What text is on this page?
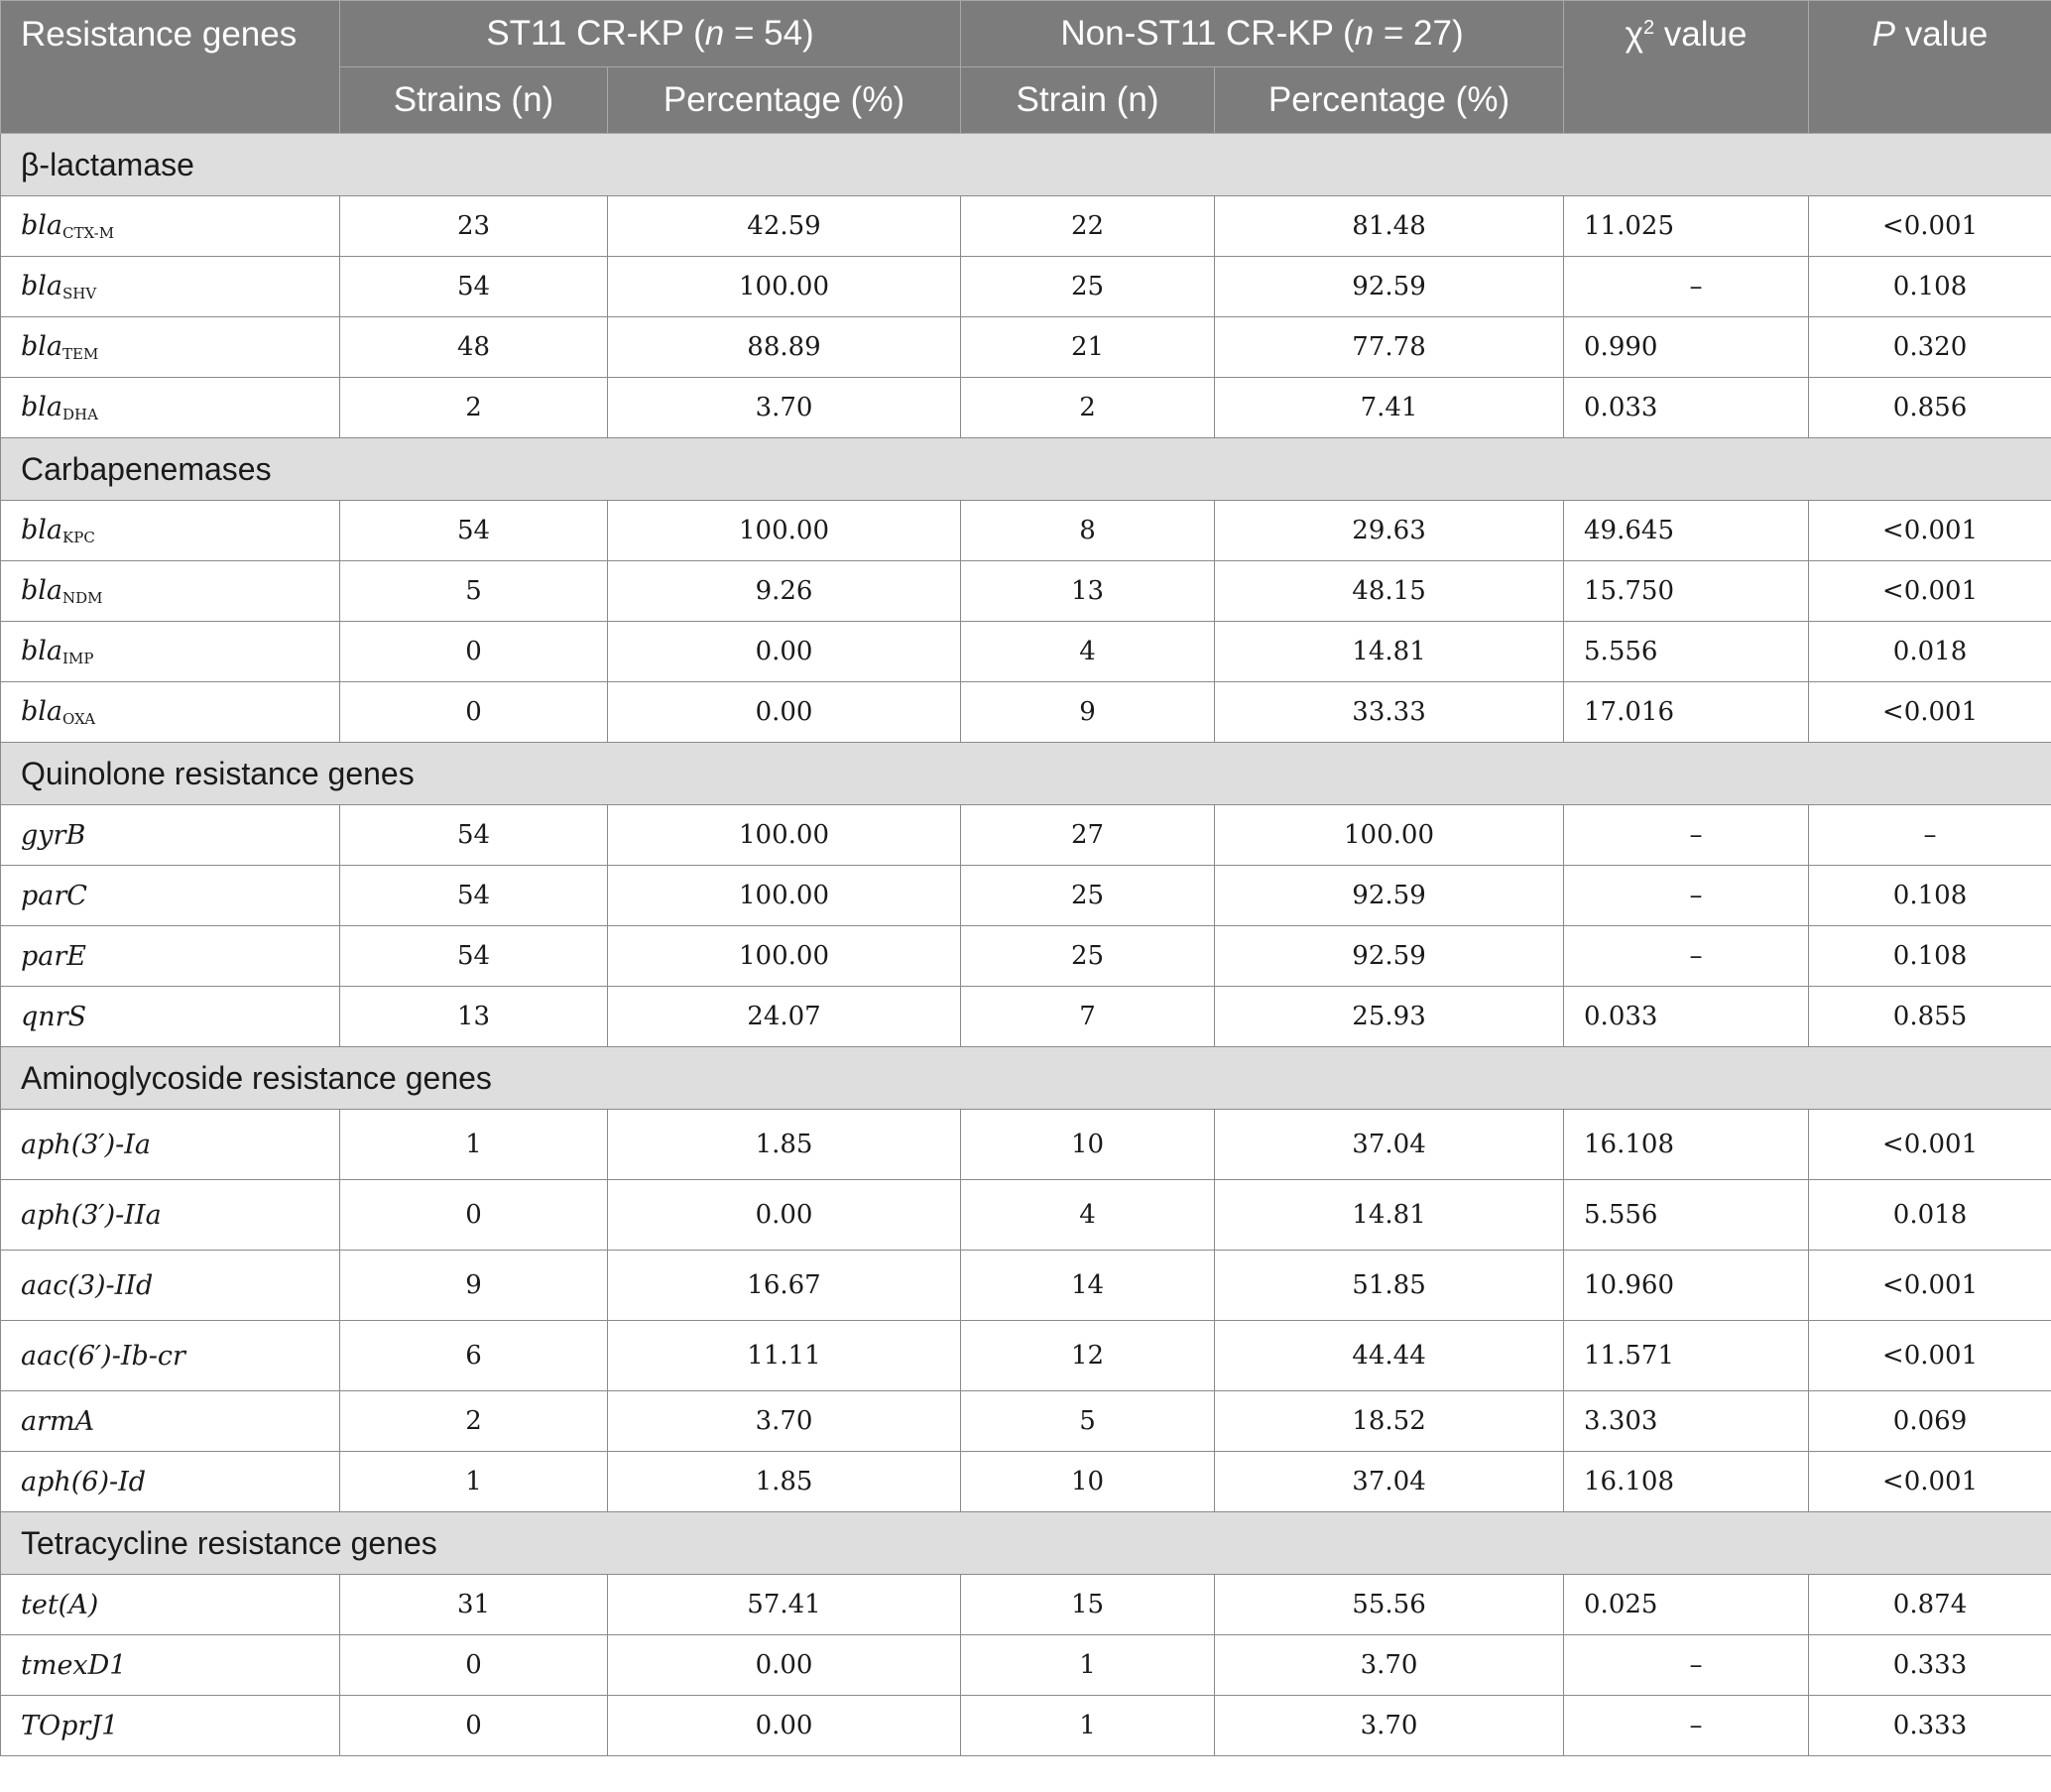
Resistance genes	ST11 CR-KP (n = 54)		Non-ST11 CR-KP (n = 27)		$\chi^2$ value	P value
	Strains (n)	Percentage (%)	Strain (n)	Percentage (%)		
β-lactamase						
bla$_{CTX-M}$	23	42.59	22	81.48	11.025	<0.001
bla$_{SHV}$	54	100.00	25	92.59	–	0.108
bla$_{TEM}$	48	88.89	21	77.78	0.990	0.320
bla$_{DHA}$	2	3.70	2	7.41	0.033	0.856
Carbapenemases						
bla$_{KPC}$	54	100.00	8	29.63	49.645	<0.001
bla$_{NDM}$	5	9.26	13	48.15	15.750	<0.001
bla$_{IMP}$	0	0.00	4	14.81	5.556	0.018
bla$_{OXA}$	0	0.00	9	33.33	17.016	<0.001
Quinolone resistance genes						
gyrB	54	100.00	27	100.00	–	–
parC	54	100.00	25	92.59	–	0.108
parE	54	100.00	25	92.59	–	0.108
qnrS	13	24.07	7	25.93	0.033	0.855
Aminoglycoside resistance genes						
aph(3′)-Ia	1	1.85	10	37.04	16.108	<0.001
aph(3′)-IIa	0	0.00	4	14.81	5.556	0.018
aac(3)-IId	9	16.67	14	51.85	10.960	<0.001
aac(6′)-Ib-cr	6	11.11	12	44.44	11.571	<0.001
armA	2	3.70	5	18.52	3.303	0.069
aph(6)-Id	1	1.85	10	37.04	16.108	<0.001
Tetracycline resistance genes						
tet(A)	31	57.41	15	55.56	0.025	0.874
tmexD1	0	0.00	1	3.70	–	0.333
TOprJ1	0	0.00	1	3.70	–	0.333
